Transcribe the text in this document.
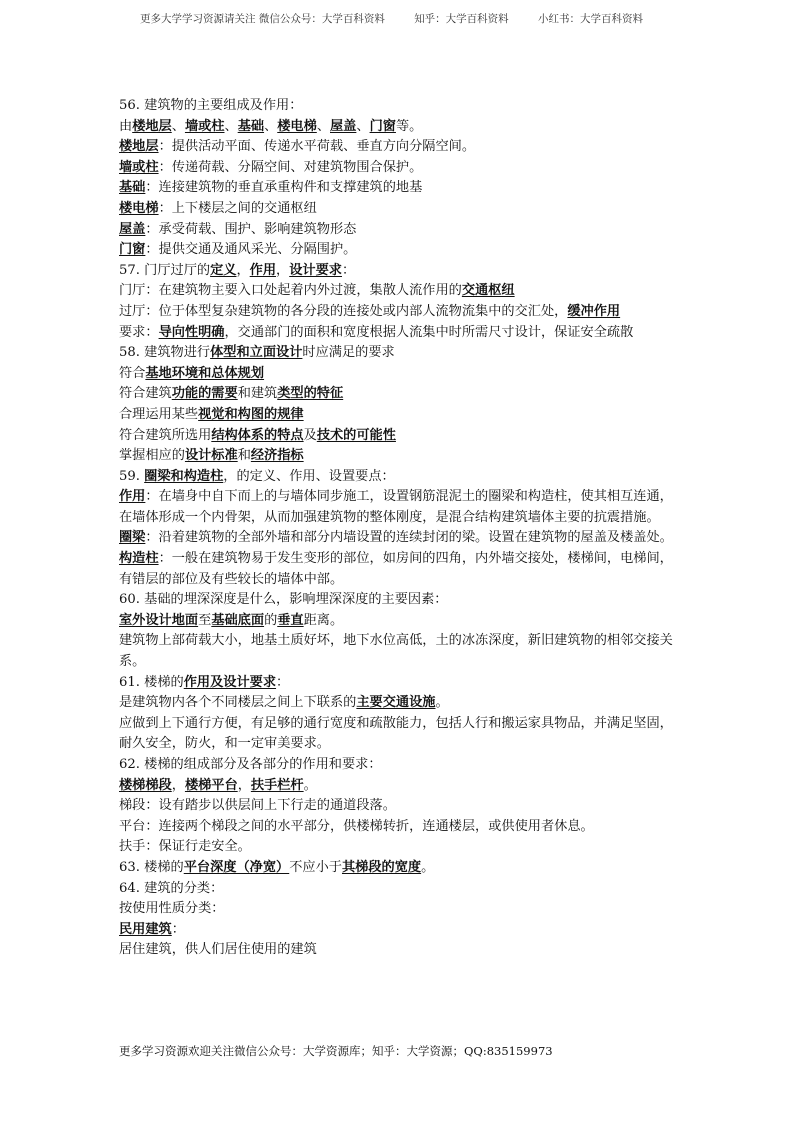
更多大学学习资源请关注 微信公众号：大学百科资料	知乎：大学百科资料	小红书：大学百科资料
56. 建筑物的主要组成及作用：
由楼地层、墙或柱、基础、楼电梯、屋盖、门窗等。
楼地层：提供活动平面、传递水平荷载、垂直方向分隔空间。
墙或柱：传递荷载、分隔空间、对建筑物围合保护。
基础：连接建筑物的垂直承重构件和支撑建筑的地基
楼电梯：上下楼层之间的交通枢纽
屋盖：承受荷载、围护、影响建筑物形态
门窗：提供交通及通风采光、分隔围护。
57. 门厅过厅的定义，作用，设计要求：
门厅：在建筑物主要入口处起着内外过渡，集散人流作用的交通枢纽
过厅：位于体型复杂建筑物的各分段的连接处或内部人流物流集中的交汇处，缓冲作用
要求：导向性明确，交通部门的面积和宽度根据人流集中时所需尺寸设计，保证安全疏散
58. 建筑物进行体型和立面设计时应满足的要求
符合基地环境和总体规划
符合建筑功能的需要和建筑类型的特征
合理运用某些视觉和构图的规律
符合建筑所选用结构体系的特点及技术的可能性
掌握相应的设计标准和经济指标
59. 圈梁和构造柱，的定义、作用、设置要点：
作用：在墙身中自下而上的与墙体同步施工，设置钢筋混泥土的圈梁和构造柱，使其相互连通，在墙体形成一个内骨架，从而加强建筑物的整体刚度，是混合结构建筑墙体主要的抗震措施。
圈梁：沿着建筑物的全部外墙和部分内墙设置的连续封闭的梁。设置在建筑物的屋盖及楼盖处。
构造柱：一般在建筑物易于发生变形的部位，如房间的四角，内外墙交接处，楼梯间，电梯间，有错层的部位及有些较长的墙体中部。
60. 基础的埋深深度是什么，影响埋深深度的主要因素：
室外设计地面至基础底面的垂直距离。
建筑物上部荷载大小，地基土质好坏，地下水位高低，土的冰冻深度，新旧建筑物的相邻交接关系。
61. 楼梯的作用及设计要求：
是建筑物内各个不同楼层之间上下联系的主要交通设施。
应做到上下通行方便，有足够的通行宽度和疏散能力，包括人行和搬运家具物品，并满足坚固，耐久安全，防火，和一定审美要求。
62. 楼梯的组成部分及各部分的作用和要求：
楼梯梯段，楼梯平台，扶手栏杆。
梯段：设有踏步以供层间上下行走的通道段落。
平台：连接两个梯段之间的水平部分，供楼梯转折，连通楼层，或供使用者休息。
扶手：保证行走安全。
63. 楼梯的平台深度（净宽）不应小于其梯段的宽度。
64. 建筑的分类：
按使用性质分类：
民用建筑：
居住建筑，供人们居住使用的建筑
更多学习资源欢迎关注微信公众号：大学资源库；知乎：大学资源；QQ:835159973
